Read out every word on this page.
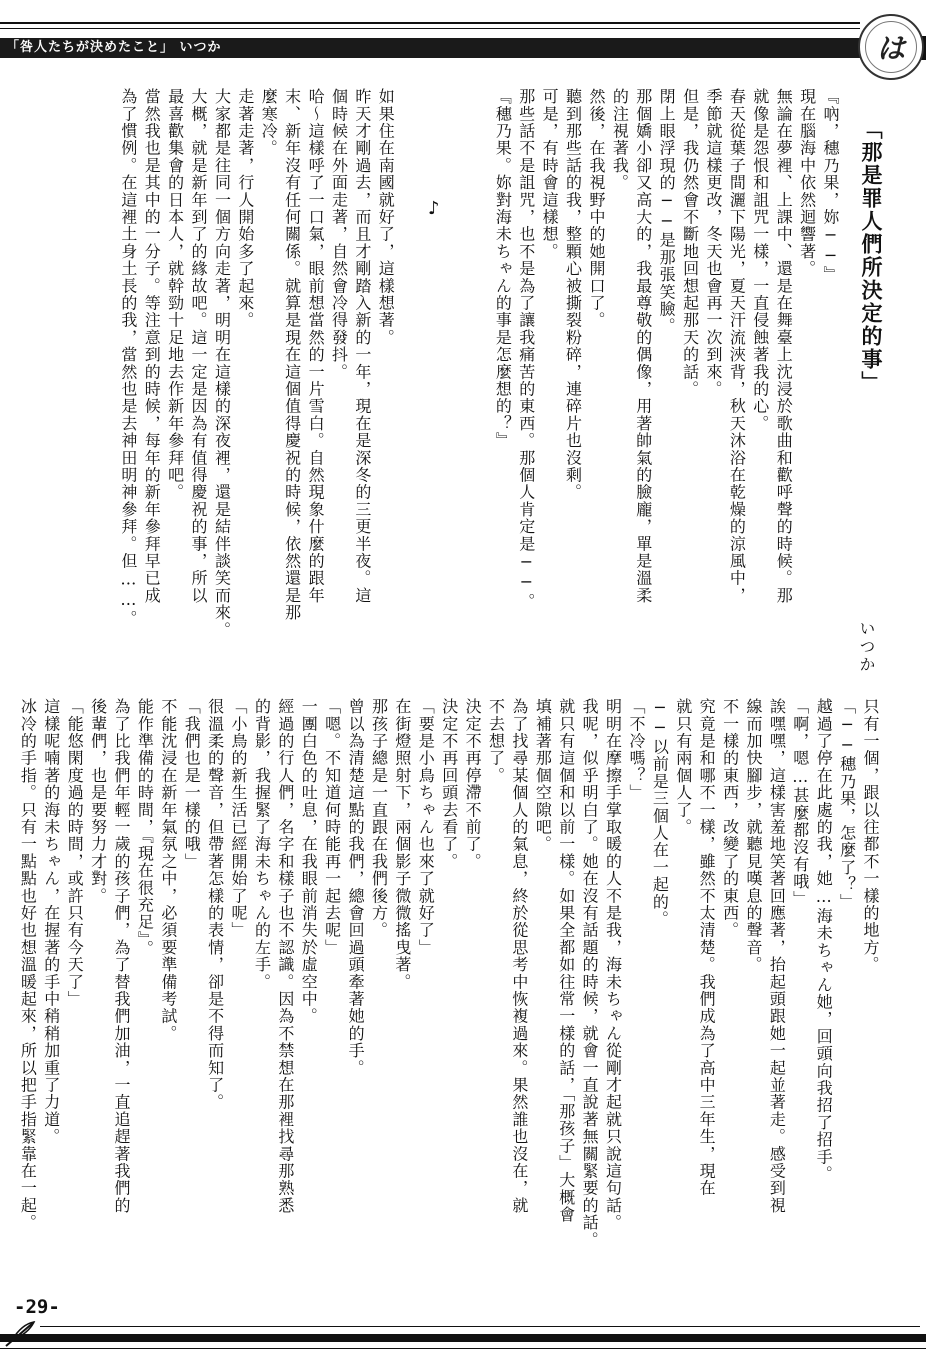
「咎人たちが決めたこと」 いつか	は
「那是罪人們所決定的事」
いつか
『吶，穗乃果，妳──』
現在腦海中依然迴響著。
無論在夢裡、上課中、還是在舞臺上沈浸於歌曲和歡呼聲的時候。那
就像是怨恨和詛咒一樣，一直侵蝕著我的心。
春天從葉子間灑下陽光，夏天汗流浹背，秋天沐浴在乾燥的涼風中，
季節就這樣更改，冬天也會再一次到來。
但是，我仍然會不斷地回想起那天的話。
閉上眼浮現的──是那張笑臉。
那個嬌小卻又高大的，我最尊敬的偶像，用著帥氣的臉龐，單是溫柔
的注視著我。
然後，在我視野中的她開口了。
聽到那些話的我，整顆心被撕裂粉碎，連碎片也沒剩。
可是，有時會這樣想。
那些話不是詛咒，也不是為了讓我痛苦的東西。那個人肯定是──。
『穗乃果。妳對海未ちゃん的事是怎麼想的？』

如果住在南國就好了，這樣想著。
昨天才剛過去，而且才剛踏入新的一年，現在是深冬的三更半夜。這
個時候在外面走著，自然會冷得發抖。
哈～這樣呼了一口氣，眼前想當然的一片雪白。自然現象什麼的跟年
末、新年沒有任何關係。就算是現在這個值得慶祝的時候，依然還是那
麼寒冷。
走著走著，行人開始多了起來。
大家都是往同一個方向走著，明明在這樣的深夜裡，還是結伴談笑而來。
大概，就是新年到了的緣故吧。這一定是因為有值得慶祝的事，所以
最喜歡集會的日本人，就幹勁十足地去作新年參拜吧。
當然我也是其中的一分子。等注意到的時候，每年的新年參拜早已成
為了慣例。在這裡土身土長的我，當然也是去神田明神參拜。但……。
只有一個，跟以往都不一樣的地方。
「──穗乃果，怎麼了？」
越過了停在此處的我，她…海未ちゃん她，回頭向我招了招手。
「啊，嗯…甚麼都沒有哦」
誒嘿嘿，這樣害羞地笑著回應著，抬起頭跟她一起並著走。感受到視
線而加快腳步，就聽見嘆息的聲音。
不一樣的東西，改變了的東西。
究竟是和哪不一樣，雖然不太清楚。我們成為了高中三年生，現在
就只有兩個人了。
──以前是三個人在一起的。
「不冷嗎？」
明明在摩擦手掌取暖的人不是我，海未ちゃん從剛才起就只說這句話。
我呢，似乎明白了。她在沒有話題的時候，就會一直說著無關緊要的話。
就只有這個和以前一樣。如果全都如往常一樣的話，「那孩子」大概會
填補著那個空隙吧。
為了找尋某個人的氣息，終於從思考中恢複過來。果然誰也沒在，就
不去想了。
決定不再停滯不前了。
決定不再回頭去看了。
「要是小鳥ちゃん也來了就好了」
在街燈照射下，兩個影子微微搖曳著。
那孩子總是一直跟在我們後方。
曾以為清楚這點的我們，總會回過頭牽著她的手。
「嗯。不知道何時能再一起去呢」
一團白色的吐息，在我眼前消失於虛空中。
經過的行人們，名字和樣子也不認識。因為不禁想在那裡找尋那熟悉
的背影，我握緊了海未ちゃん的左手。
「小鳥的新生活已經開始了呢」
很溫柔的聲音，但帶著怎樣的表情，卻是不得而知了。
「我們也是一樣的哦」
不能沈浸在新年氣氛之中，必須要準備考試。
能作準備的時間，『現在很充足』。
為了比我們年輕一歲的孩子們，為了替我們加油，一直追趕著我們的
後輩們，也是要努力才對。
「能悠閑度過的時間，或許只有今天了」
這樣呢喃著的海未ちゃん，在握著的手中稍稍加重了力道。
冰冷的手指。只有一點點也好也想溫暖起來，所以把手指緊靠在一起。
♪
-29-
